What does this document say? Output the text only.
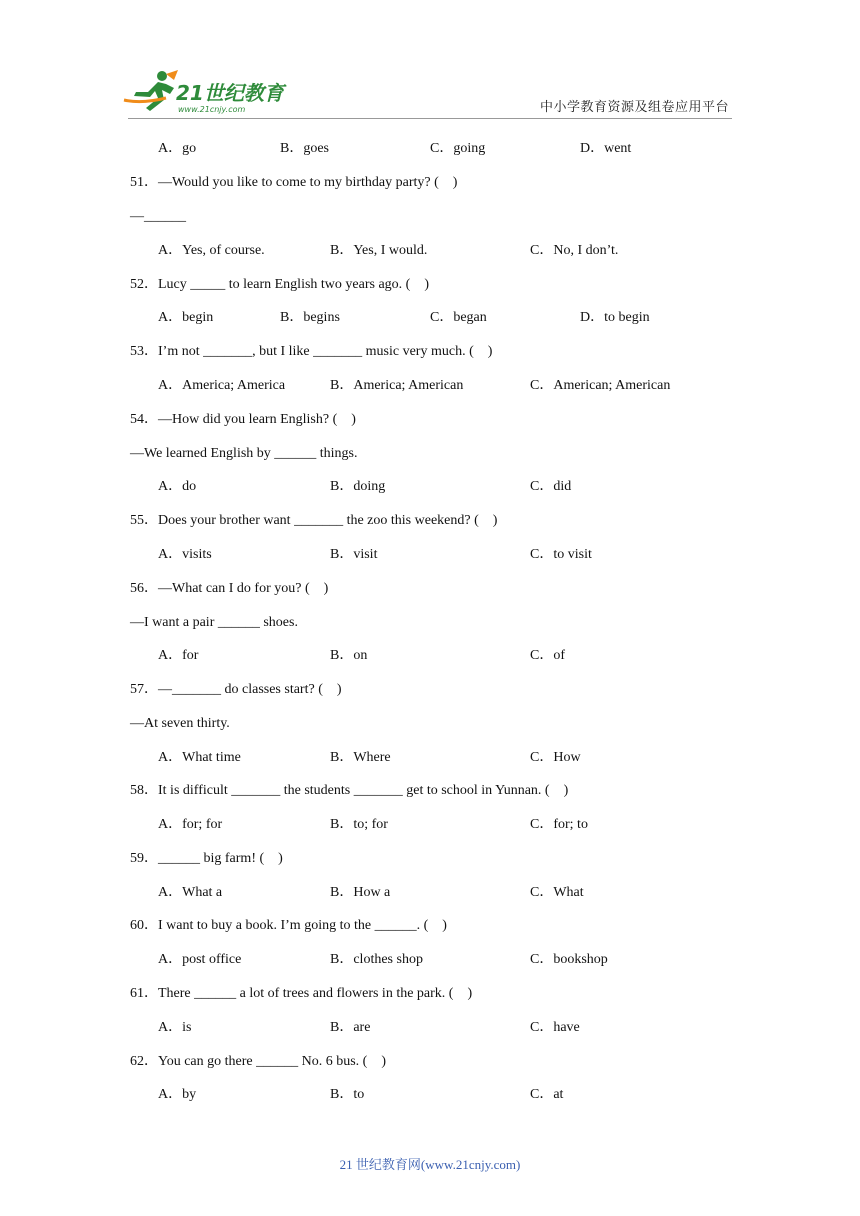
21世纪教育
www.21cnjy.com	中小学教育资源及组卷应用平台
A．go	B．goes	C．going	D．went
51．—Would you like to come to my birthday party? (　)
—______
A．Yes, of course.	B．Yes, I would.	C．No, I don’t.
52．Lucy _____ to learn English two years ago. (　)
A．begin	B．begins	C．began	D．to begin
53．I’m not _______, but I like _______ music very much. (　)
A．America; America	B．America; American	C．American; American
54．—How did you learn English? (　)
—We learned English by ______ things.
A．do	B．doing	C．did
55．Does your brother want _______ the zoo this weekend? (　)
A．visits	B．visit	C．to visit
56．—What can I do for you? (　)
—I want a pair ______ shoes.
A．for	B．on	C．of
57．—_______ do classes start? (　)
—At seven thirty.
A．What time	B．Where	C．How
58．It is difficult _______ the students _______ get to school in Yunnan. (　)
A．for; for	B．to; for	C．for; to
59．______ big farm! (　)
A．What a	B．How a	C．What
60．I want to buy a book. I’m going to the ______. (　)
A．post office	B．clothes shop	C．bookshop
61．There ______ a lot of trees and flowers in the park. (　)
A．is	B．are	C．have
62．You can go there ______ No. 6 bus. (　)
A．by	B．to	C．at
21 世纪教育网(www.21cnjy.com)
